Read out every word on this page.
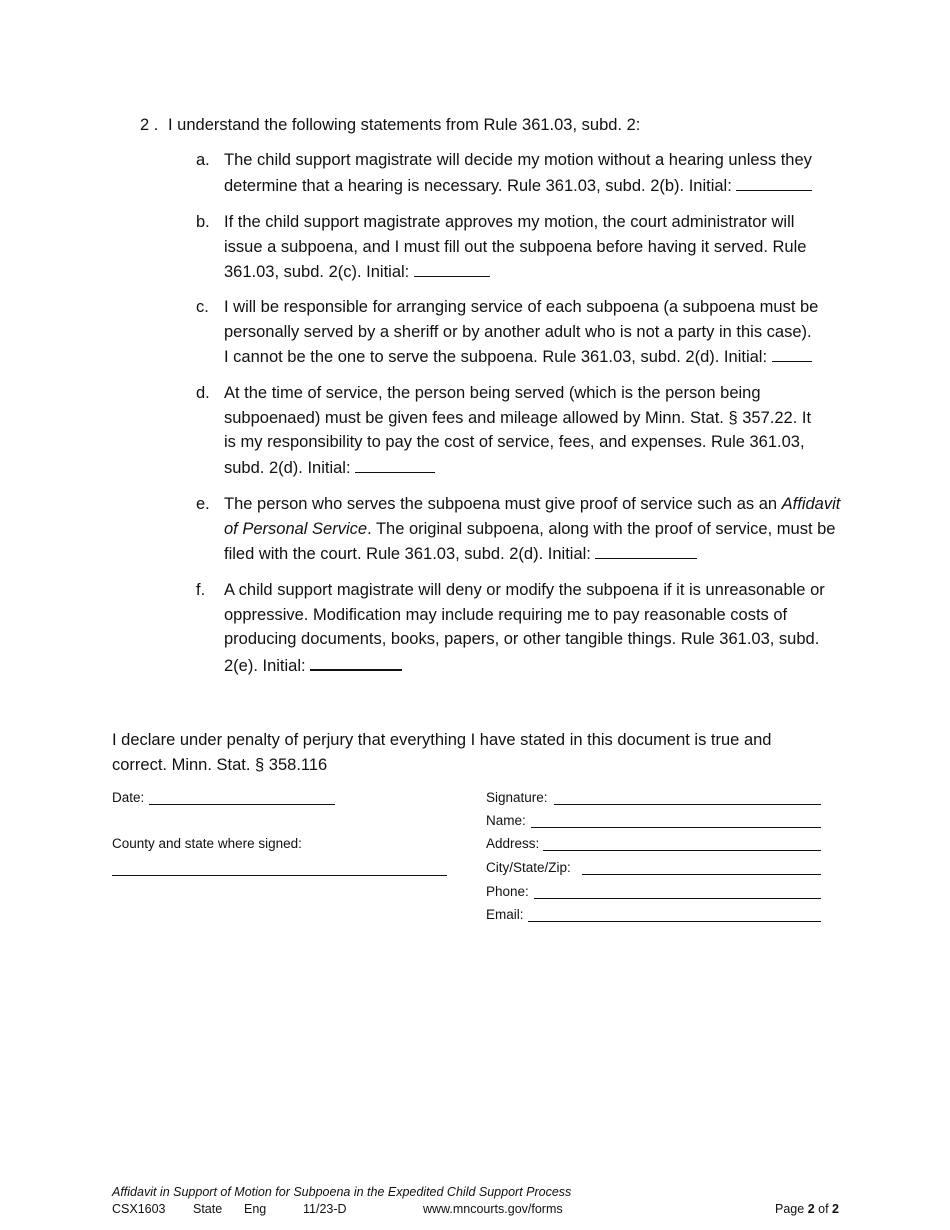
2 . I understand the following statements from Rule 361.03, subd. 2:
a. The child support magistrate will decide my motion without a hearing unless they
determine that a hearing is necessary. Rule 361.03, subd. 2(b). Initial:
b. If the child support magistrate approves my motion, the court administrator will
issue a subpoena, and I must fill out the subpoena before having it served. Rule
361.03, subd. 2(c). Initial:
c. I will be responsible for arranging service of each subpoena (a subpoena must be
personally served by a sheriff or by another adult who is not a party in this case).
I cannot be the one to serve the subpoena. Rule 361.03, subd. 2(d). Initial:
d. At the time of service, the person being served (which is the person being
subpoenaed) must be given fees and mileage allowed by Minn. Stat. § 357.22. It
is my responsibility to pay the cost of service, fees, and expenses. Rule 361.03,
subd. 2(d). Initial:
e. The person who serves the subpoena must give proof of service such as an Affidavit
of Personal Service. The original subpoena, along with the proof of service, must be
filed with the court. Rule 361.03, subd. 2(d). Initial:
f.	A child support magistrate will deny or modify the subpoena if it is unreasonable or
oppressive. Modification may include requiring me to pay reasonable costs of
producing documents, books, papers, or other tangible things. Rule 361.03, subd.
2(e). Initial:
I declare under penalty of perjury that everything I have stated in this document is true and
correct. Minn. Stat. § 358.116
Date:
County and state where signed:
Signature:
Name:
Address:
City/State/Zip:
Phone:
Email:
Affidavit in Support of Motion for Subpoena in the Expedited Child Support Process
CSX1603 State Eng	11/23-D	www.mncourts.gov/forms	Page 2 of 2
